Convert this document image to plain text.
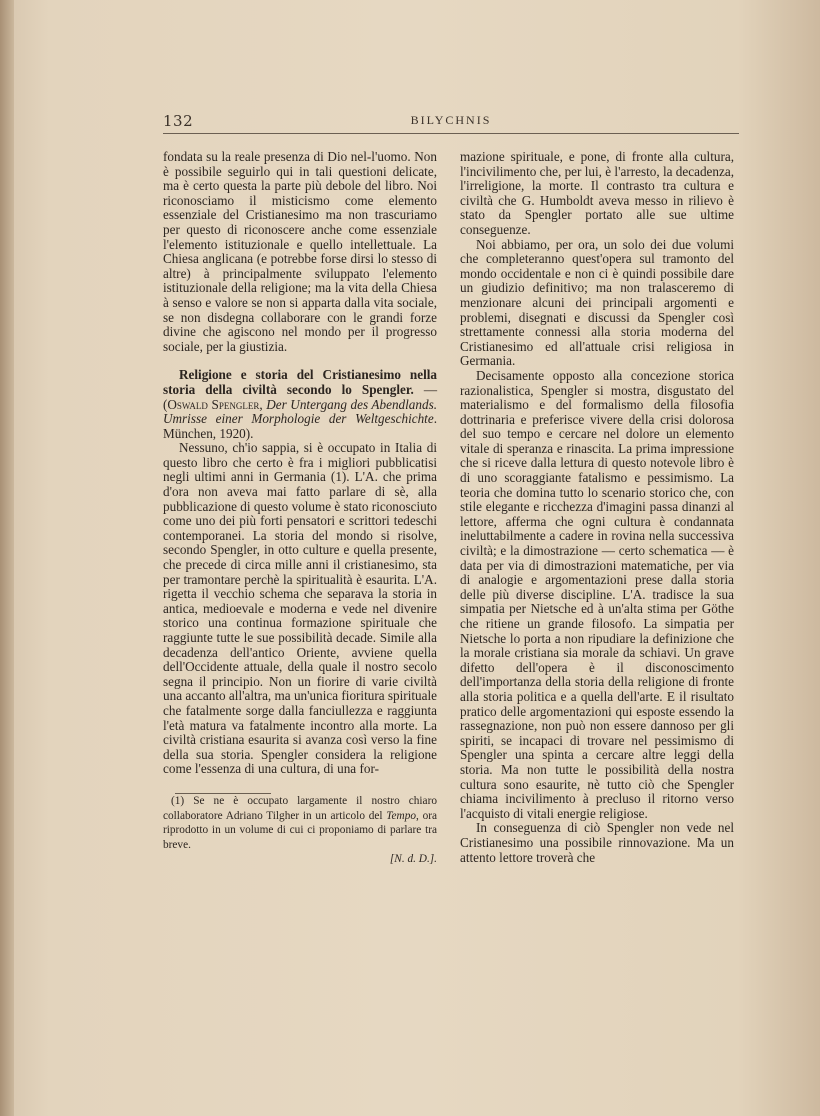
132	BILYCHNIS

fondata su la reale presenza di Dio nel-l'uomo. Non è possibile seguirlo qui in tali questioni delicate, ma è certo questa la parte più debole del libro. Noi riconosciamo il misticismo come elemento essenziale del Cristianesimo ma non trascuriamo per questo di riconoscere anche come essenziale l'elemento istituzionale e quello intellettuale. La Chiesa anglicana (e potrebbe forse dirsi lo stesso di altre) à principalmente sviluppato l'elemento istituzionale della religione; ma la vita della Chiesa à senso e valore se non si apparta dalla vita sociale, se non disdegna collaborare con le grandi forze divine che agiscono nel mondo per il progresso sociale, per la giustizia.

Religione e storia del Cristianesimo nella storia della civiltà secondo lo Spengler. — (Oswald Spengler, Der Untergang des Abendlands. Umrisse einer Morphologie der Weltgeschichte. München, 1920).

Nessuno, ch'io sappia, si è occupato in Italia di questo libro che certo è fra i migliori pubblicatisi negli ultimi anni in Germania (1). L'A. che prima d'ora non aveva mai fatto parlare di sè, alla pubblicazione di questo volume è stato riconosciuto come uno dei più forti pensatori e scrittori tedeschi contemporanei. La storia del mondo si risolve, secondo Spengler, in otto culture e quella presente, che precede di circa mille anni il cristianesimo, sta per tramontare perchè la spiritualità è esaurita. L'A. rigetta il vecchio schema che separava la storia in antica, medioevale e moderna e vede nel divenire storico una continua formazione spirituale che raggiunte tutte le sue possibilità decade. Simile alla decadenza dell'antico Oriente, avviene quella dell'Occidente attuale, della quale il nostro secolo segna il principio. Non un fiorire di varie civiltà una accanto all'altra, ma un'unica fioritura spirituale che fatalmente sorge dalla fanciullezza e raggiunta l'età matura va fatalmente incontro alla morte. La civiltà cristiana esaurita si avanza così verso la fine della sua storia. Spengler considera la religione come l'essenza di una cultura, di una for-

(1) Se ne è occupato largamente il nostro chiaro collaboratore Adriano Tilgher in un articolo del Tempo, ora riprodotto in un volume di cui ci proponiamo di parlare tra breve.
[N. d. D.].

mazione spirituale, e pone, di fronte alla cultura, l'incivilimento che, per lui, è l'arresto, la decadenza, l'irreligione, la morte. Il contrasto tra cultura e civiltà che G. Humboldt aveva messo in rilievo è stato da Spengler portato alle sue ultime conseguenze.

Noi abbiamo, per ora, un solo dei due volumi che completeranno quest'opera sul tramonto del mondo occidentale e non ci è quindi possibile dare un giudizio definitivo; ma non tralasceremo di menzionare alcuni dei principali argomenti e problemi, disegnati e discussi da Spengler così strettamente connessi alla storia moderna del Cristianesimo ed all'attuale crisi religiosa in Germania.

Decisamente opposto alla concezione storica razionalistica, Spengler si mostra, disgustato del materialismo e del formalismo della filosofia dottrinaria e preferisce vivere della crisi dolorosa del suo tempo e cercare nel dolore un elemento vitale di speranza e rinascita. La prima impressione che si riceve dalla lettura di questo notevole libro è di uno scoraggiante fatalismo e pessimismo. La teoria che domina tutto lo scenario storico che, con stile elegante e ricchezza d'imagini passa dinanzi al lettore, afferma che ogni cultura è condannata ineluttabilmente a cadere in rovina nella successiva civiltà; e la dimostrazione — certo schematica — è data per via di dimostrazioni matematiche, per via di analogie e argomentazioni prese dalla storia delle più diverse discipline. L'A. tradisce la sua simpatia per Nietsche ed à un'alta stima per Göthe che ritiene un grande filosofo. La simpatia per Nietsche lo porta a non ripudiare la definizione che la morale cristiana sia morale da schiavi. Un grave difetto dell'opera è il disconoscimento dell'importanza della storia della religione di fronte alla storia politica e a quella dell'arte. E il risultato pratico delle argomentazioni qui esposte essendo la rassegnazione, non può non essere dannoso per gli spiriti, se incapaci di trovare nel pessimismo di Spengler una spinta a cercare altre leggi della storia. Ma non tutte le possibilità della nostra cultura sono esaurite, nè tutto ciò che Spengler chiama incivilimento à precluso il ritorno verso l'acquisto di vitali energie religiose.

In conseguenza di ciò Spengler non vede nel Cristianesimo una possibile rinnovazione. Ma un attento lettore troverà che
